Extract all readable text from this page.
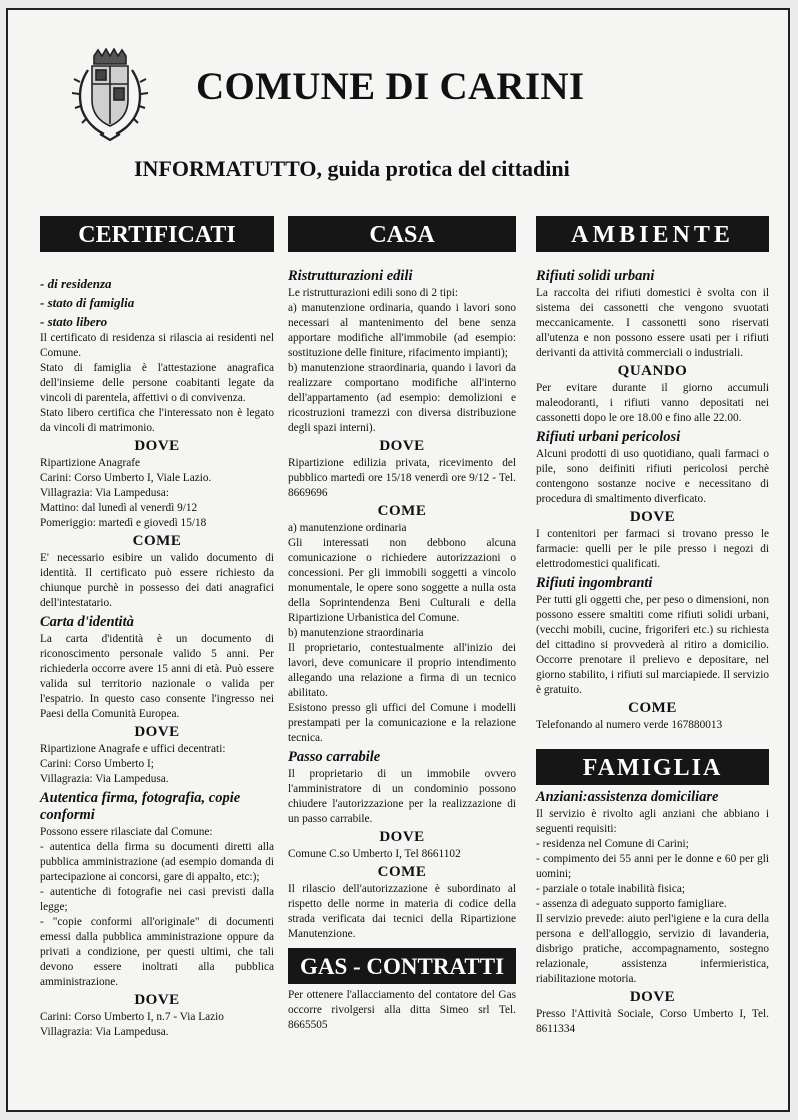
COMUNE DI CARINI
INFORMATUTTO, guida protica del cittadini
CERTIFICATI

- di residenza

- stato di famiglia

- stato libero

Il certificato di residenza si rilascia ai residenti nel Comune.
Stato di famiglia è l'attestazione anagrafica dell'insieme delle persone coabitanti legate da vincoli di parentela, affettivi o di convivenza.
Stato libero certifica che l'interessato non è legato da vincoli di matrimonio.

DOVE

Ripartizione Anagrafe
Carini: Corso Umberto I, Viale Lazio.
Villagrazia: Via Lampedusa:
Mattino: dal lunedì al venerdì 9/12
Pomeriggio: martedì e giovedì 15/18

COME

E' necessario esibire un valido documento di identità. Il certificato può essere richiesto da chiunque purchè in possesso dei dati anagrafici dell'intestatario.

Carta d'identità

La carta d'identità è un documento di riconoscimento personale valido 5 anni. Per richiederla occorre avere 15 anni di età. Può essere valida sul territorio nazionale o valida per l'espatrio. In questo caso consente l'ingresso nei Paesi della Comunità Europea.

DOVE

Ripartizione Anagrafe e uffici decentrati:
Carini: Corso Umberto I;
Villagrazia: Via Lampedusa.

Autentica firma, fotografia, copie conformi

Possono essere rilasciate dal Comune:
- autentica della firma su documenti diretti alla pubblica amministrazione (ad esempio domanda di partecipazione ai concorsi, gare di appalto, etc:);
- autentiche di fotografie nei casi previsti dalla legge;
- "copie conformi all'originale" di documenti emessi dalla pubblica amministrazione oppure da privati a condizione, per questi ultimi, che tali devono essere inoltrati alla pubblica amministrazione.

DOVE

Carini: Corso Umberto I, n.7 - Via Lazio
Villagrazia: Via Lampedusa.

CASA
Ristrutturazioni edili

Le ristrutturazioni edili sono di 2 tipi:
a) manutenzione ordinaria, quando i lavori sono necessari al mantenimento del bene senza apportare modifiche all'immobile (ad esempio: sostituzione delle finiture, rifacimento impianti);
b) manutenzione straordinaria, quando i lavori da realizzare comportano modifiche all'interno dell'appartamento (ad esempio: demolizioni e ricostruzioni tramezzi con diversa distribuzione degli spazi interni).

DOVE

Ripartizione edilizia privata, ricevimento del pubblico martedì ore 15/18 venerdì ore 9/12 - Tel. 8669696

COME

a) manutenzione ordinaria
Gli interessati non debbono alcuna comunicazione o richiedere autorizzazioni o concessioni. Per gli immobili soggetti a vincolo monumentale, le opere sono soggette a nulla osta della Soprintendenza Beni Culturali e della Ripartizione Urbanistica del Comune.
b) manutenzione straordinaria
Il proprietario, contestualmente all'inizio dei lavori, deve comunicare il proprio intendimento allegando una relazione a firma di un tecnico abilitato.
Esistono presso gli uffici del Comune i modelli prestampati per la comunicazione e la relazione tecnica.

Passo carrabile

Il proprietario di un immobile ovvero l'amministratore di un condominio possono chiudere l'autorizzazione per la realizzazione di un passo carrabile.

DOVE

Comune C.so Umberto I, Tel 8661102

COME

Il rilascio dell'autorizzazione è subordinato al rispetto delle norme in materia di codice della strada verificata dai tecnici della Ripartizione Manutenzione.

GAS - CONTRATTI

Per ottenere l'allacciamento del contatore del Gas occorre rivolgersi alla ditta Simeo srl Tel. 8665505

AMBIENTE
Rifiuti solidi urbani

La raccolta dei rifiuti domestici è svolta con il sistema dei cassonetti che vengono svuotati meccanicamente. I cassonetti sono riservati all'utenza e non possono essere usati per i rifiuti derivanti da attività commerciali o industriali.

QUANDO

Per evitare durante il giorno accumuli maleodoranti, i rifiuti vanno depositati nei cassonetti dopo le ore 18.00 e fino alle 22.00.

Rifiuti urbani pericolosi

Alcuni prodotti di uso quotidiano, quali farmaci o pile, sono deifiniti rifiuti pericolosi perchè contengono sostanze nocive e necessitano di procedura di smaltimento diverficato.

DOVE

I contenitori per farmaci si trovano presso le farmacie: quelli per le pile presso i negozi di elettrodomestici qualificati.

Rifiuti ingombranti

Per tutti gli oggetti che, per peso o dimensioni, non possono essere smaltiti come rifiuti solidi urbani, (vecchi mobili, cucine, frigoriferi etc.) su richiesta del cittadino si provvederà al ritiro a domicilio. Occorre prenotare il prelievo e depositare, nel giorno stabilito, i rifiuti sul marciapiede. Il servizio è gratuito.

COME

Telefonando al numero verde 167880013

FAMIGLIA
Anziani:assistenza domiciliare

Il servizio è rivolto agli anziani che abbiano i seguenti requisiti:
- residenza nel Comune di Carini;
- compimento dei 55 anni per le donne e 60 per gli uomini;
- parziale o totale inabilità fisica;
- assenza di adeguato supporto famigliare.
Il servizio prevede: aiuto perl'igiene e la cura della persona e dell'alloggio, servizio di lavanderia, disbrigo pratiche, accompagnamento, sostegno relazionale, assistenza infermieristica, riabilitazione motoria.

DOVE

Presso l'Attività Sociale, Corso Umberto I, Tel. 8611334
